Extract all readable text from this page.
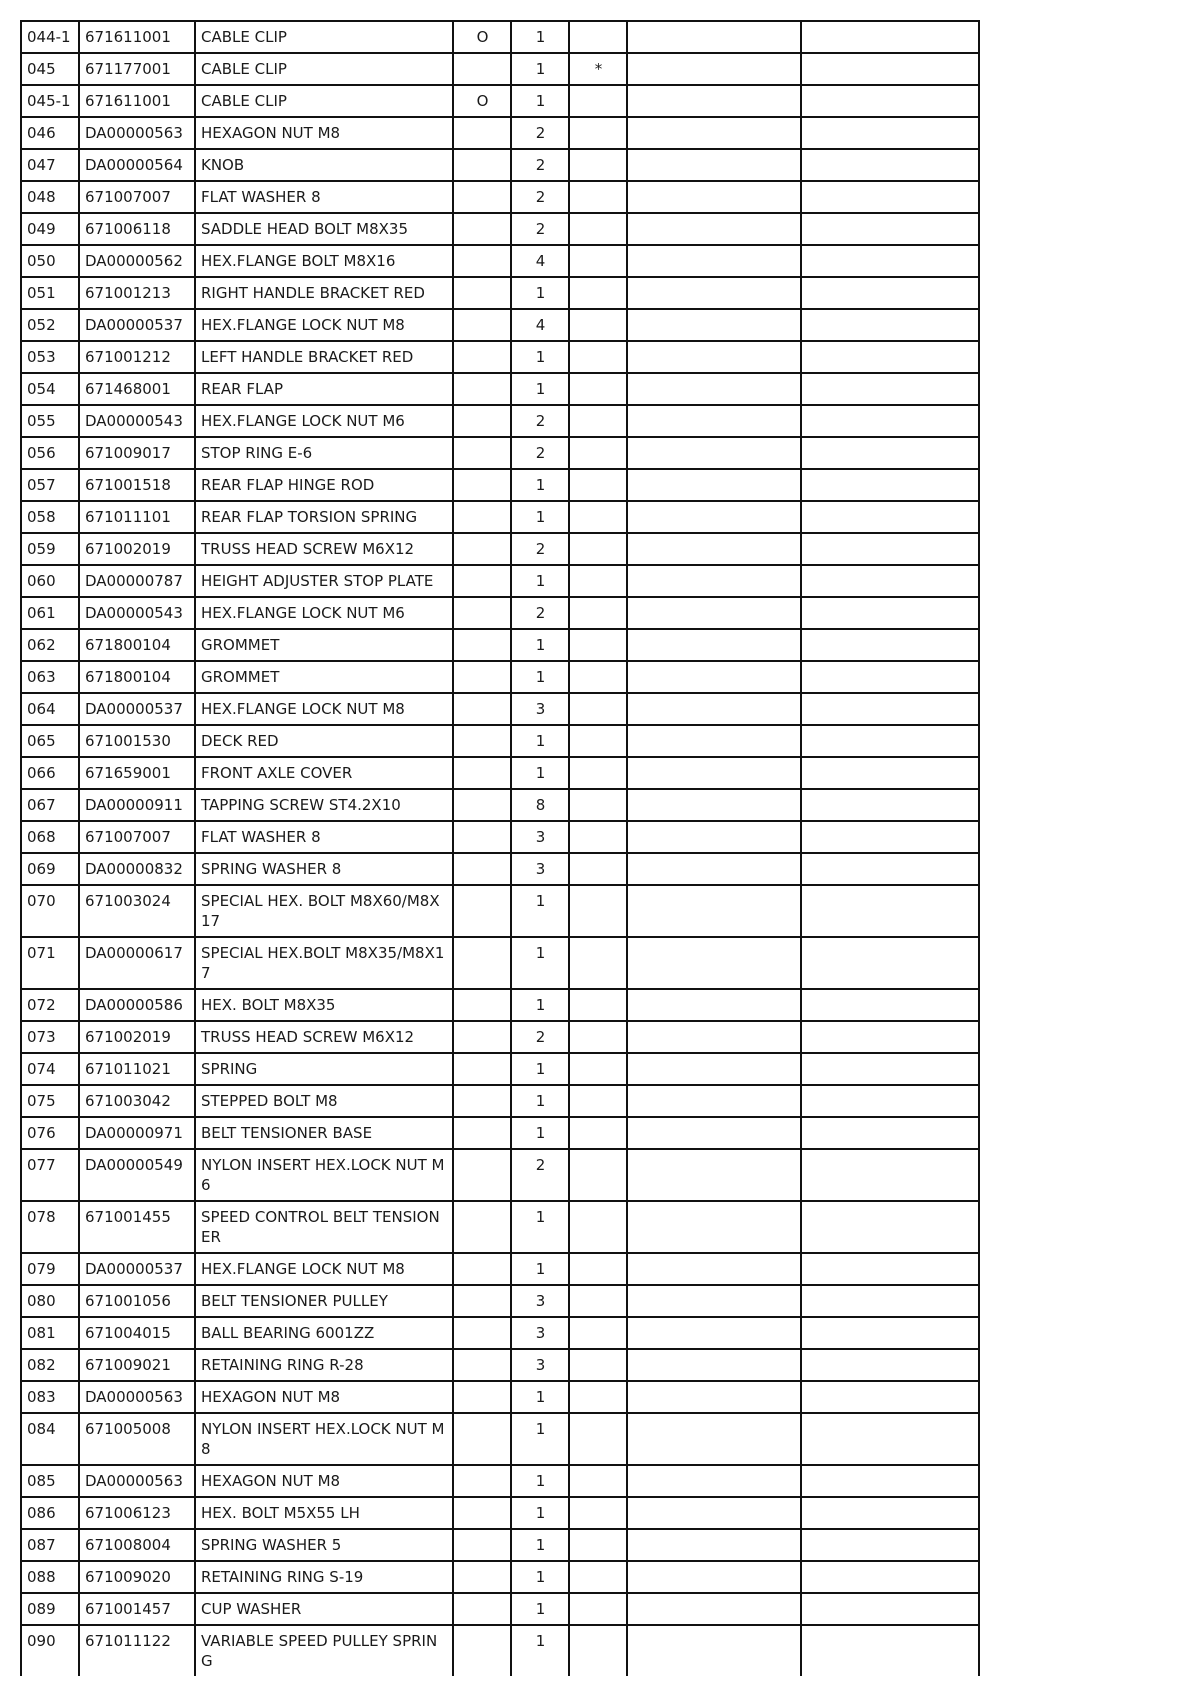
044-1	671611001	CABLE CLIP	O	1			
045	671177001	CABLE CLIP		1	*		
045-1	671611001	CABLE CLIP	O	1			
046	DA00000563	HEXAGON NUT M8		2			
047	DA00000564	KNOB		2			
048	671007007	FLAT WASHER 8		2			
049	671006118	SADDLE HEAD BOLT M8X35		2			
050	DA00000562	HEX.FLANGE BOLT M8X16		4			
051	671001213	RIGHT HANDLE BRACKET RED		1			
052	DA00000537	HEX.FLANGE LOCK NUT M8		4			
053	671001212	LEFT HANDLE BRACKET RED		1			
054	671468001	REAR FLAP		1			
055	DA00000543	HEX.FLANGE LOCK NUT M6		2			
056	671009017	STOP RING E-6		2			
057	671001518	REAR FLAP HINGE ROD		1			
058	671011101	REAR FLAP TORSION SPRING		1			
059	671002019	TRUSS HEAD SCREW M6X12		2			
060	DA00000787	HEIGHT ADJUSTER STOP PLATE		1			
061	DA00000543	HEX.FLANGE LOCK NUT M6		2			
062	671800104	GROMMET		1			
063	671800104	GROMMET		1			
064	DA00000537	HEX.FLANGE LOCK NUT M8		3			
065	671001530	DECK RED		1			
066	671659001	FRONT AXLE COVER		1			
067	DA00000911	TAPPING SCREW ST4.2X10		8			
068	671007007	FLAT WASHER 8		3			
069	DA00000832	SPRING WASHER 8		3			
070	671003024	SPECIAL HEX. BOLT M8X60/M8X17		1			
071	DA00000617	SPECIAL HEX.BOLT M8X35/M8X17		1			
072	DA00000586	HEX. BOLT M8X35		1			
073	671002019	TRUSS HEAD SCREW M6X12		2			
074	671011021	SPRING		1			
075	671003042	STEPPED BOLT M8		1			
076	DA00000971	BELT TENSIONER BASE		1			
077	DA00000549	NYLON INSERT HEX.LOCK NUT M6		2			
078	671001455	SPEED CONTROL BELT TENSIONER		1			
079	DA00000537	HEX.FLANGE LOCK NUT M8		1			
080	671001056	BELT TENSIONER PULLEY		3			
081	671004015	BALL BEARING 6001ZZ		3			
082	671009021	RETAINING RING R-28		3			
083	DA00000563	HEXAGON NUT M8		1			
084	671005008	NYLON INSERT HEX.LOCK NUT M8		1			
085	DA00000563	HEXAGON NUT M8		1			
086	671006123	HEX. BOLT M5X55 LH		1			
087	671008004	SPRING WASHER 5		1			
088	671009020	RETAINING RING S-19		1			
089	671001457	CUP WASHER		1			
090	671011122	VARIABLE SPEED PULLEY SPRING		1			
